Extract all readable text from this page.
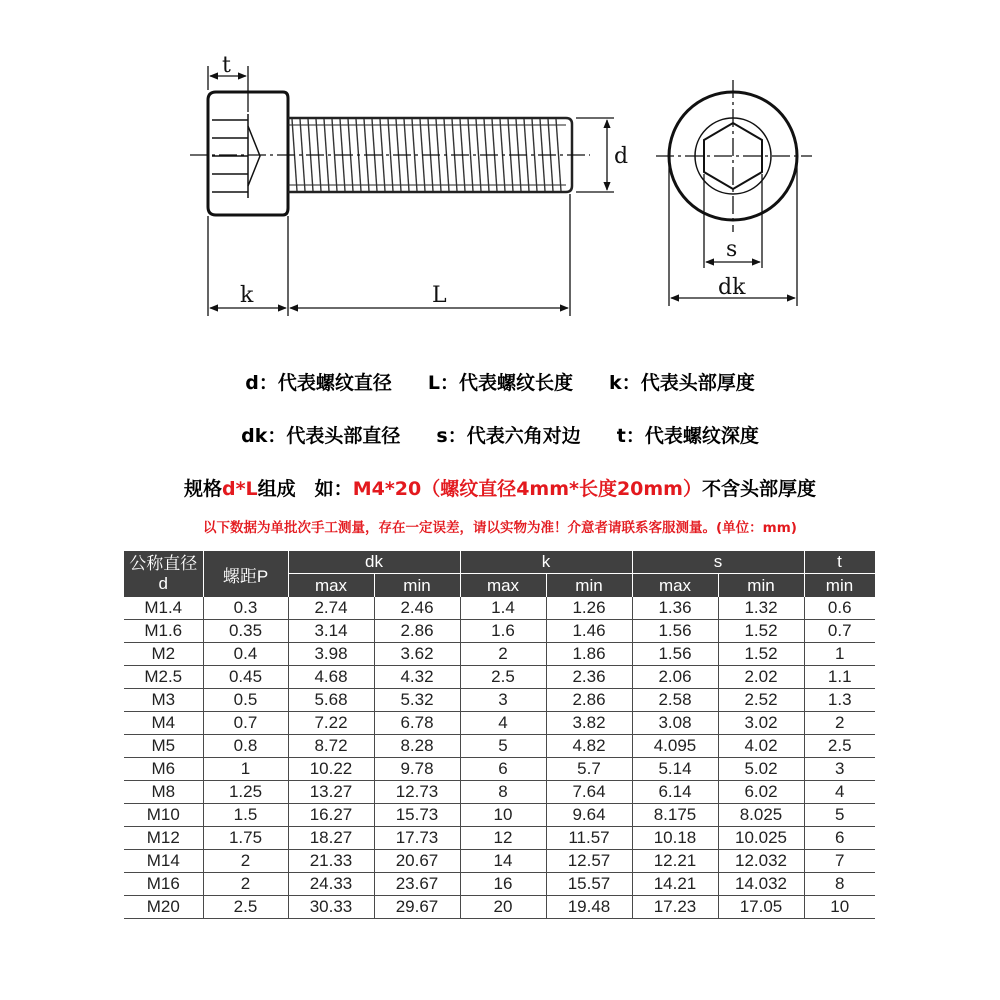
t
d
k	L
s
dk
d：代表螺纹直径 L：代表螺纹长度 k：代表头部厚度
dk：代表头部直径 s：代表六角对边 t：代表螺纹深度
规格d*L组成　如：M4*20（螺纹直径4mm*长度20mm）不含头部厚度
以下数据为单批次手工测量，存在一定误差，请以实物为准！介意者请联系客服测量。(单位：mm)
公称直径
d	螺距P	dk		k		s		t
		max	min	max	min	max	min	min
M1.4	0.3	2.74	2.46	1.4	1.26	1.36	1.32	0.6
M1.6	0.35	3.14	2.86	1.6	1.46	1.56	1.52	0.7
M2	0.4	3.98	3.62	2	1.86	1.56	1.52	1
M2.5	0.45	4.68	4.32	2.5	2.36	2.06	2.02	1.1
M3	0.5	5.68	5.32	3	2.86	2.58	2.52	1.3
M4	0.7	7.22	6.78	4	3.82	3.08	3.02	2
M5	0.8	8.72	8.28	5	4.82	4.095	4.02	2.5
M6	1	10.22	9.78	6	5.7	5.14	5.02	3
M8	1.25	13.27	12.73	8	7.64	6.14	6.02	4
M10	1.5	16.27	15.73	10	9.64	8.175	8.025	5
M12	1.75	18.27	17.73	12	11.57	10.18	10.025	6
M14	2	21.33	20.67	14	12.57	12.21	12.032	7
M16	2	24.33	23.67	16	15.57	14.21	14.032	8
M20	2.5	30.33	29.67	20	19.48	17.23	17.05	10
